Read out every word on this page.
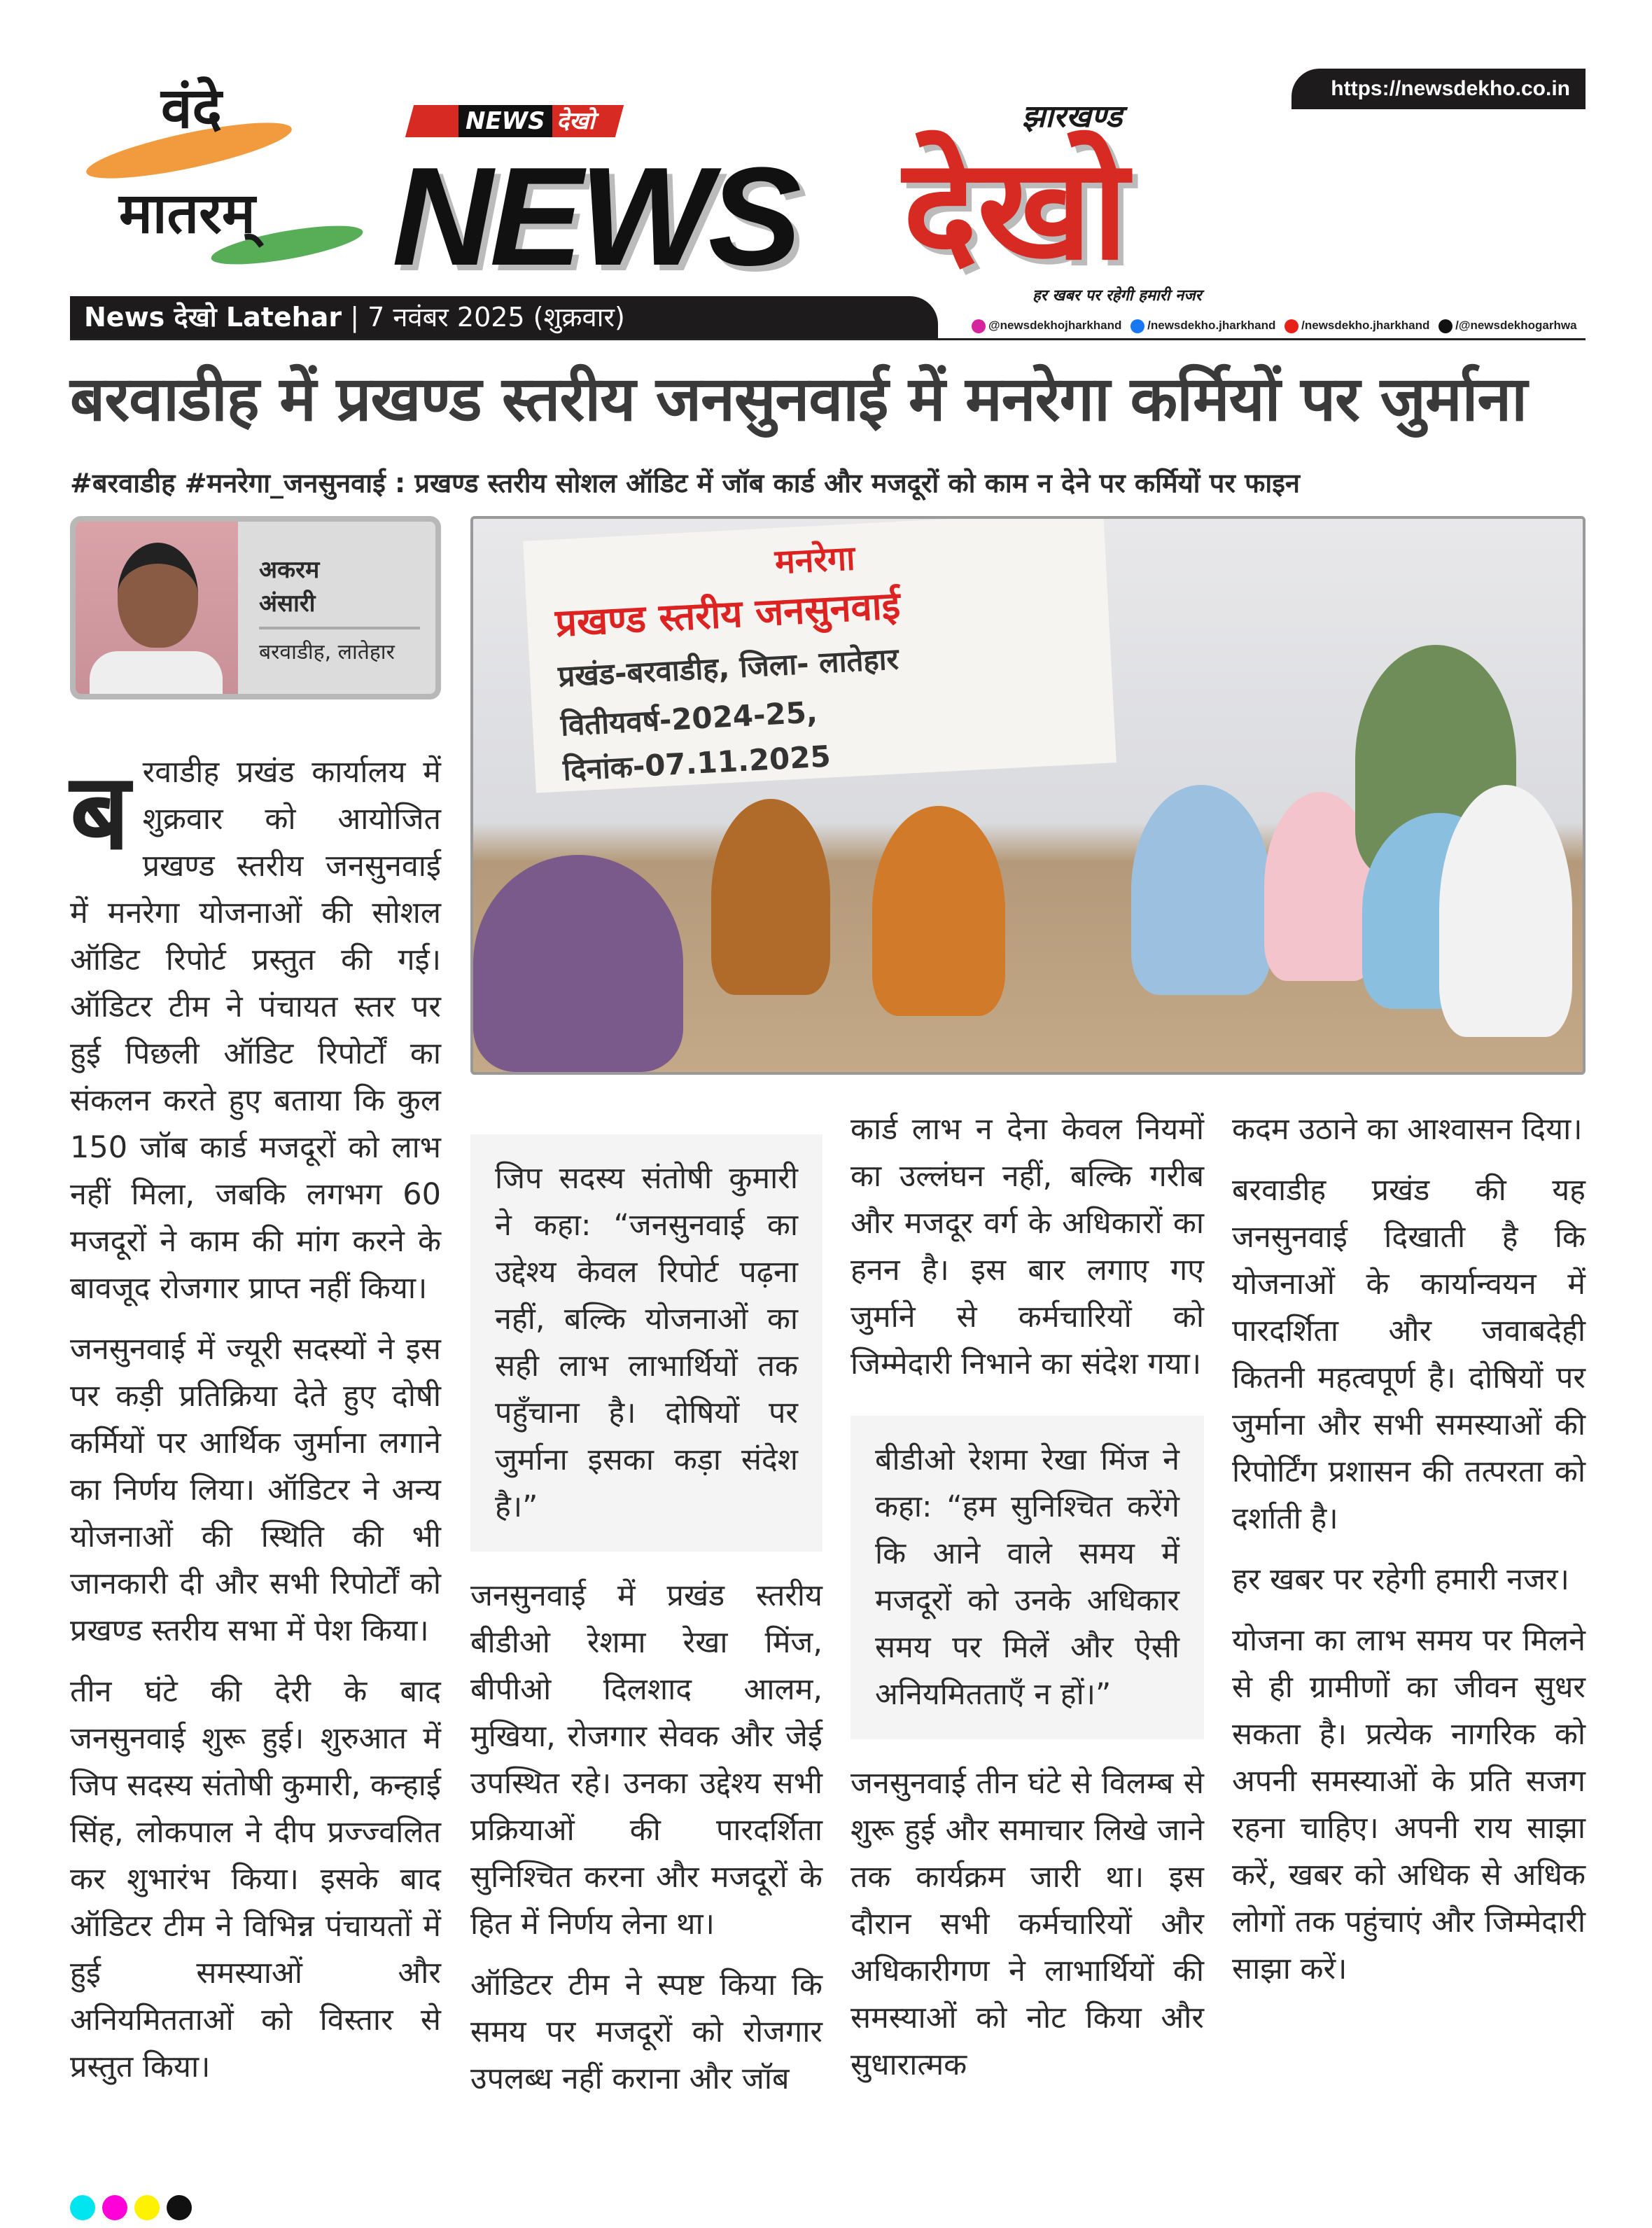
वंदे
मातरम्
NEWS देखो
NEWS देखो
झारखण्ड
हर खबर पर रहेगी हमारी नजर
https://newsdekho.co.in
News देखो Latehar | 7 नवंबर 2025 (शुक्रवार)	@newsdekhojharkhand /newsdekho.jharkhand /newsdekho.jharkhand /@newsdekhogarhwa
बरवाडीह में प्रखण्ड स्तरीय जनसुनवाई में मनरेगा कर्मियों पर जुर्माना
#बरवाडीह #मनरेगा_जनसुनवाई : प्रखण्ड स्तरीय सोशल ऑडिट में जॉब कार्ड और मजदूरों को काम न देने पर कर्मियों पर फाइन
अकरम
अंसारी
बरवाडीह, लातेहार
मनरेगा
प्रखण्ड स्तरीय जनसुनवाई
प्रखंड-बरवाडीह, जिला- लातेहार
वितीयवर्ष-2024-25, दिनांक-07.11.2025

बरवाडीह प्रखंड कार्यालय में शुक्रवार को आयोजित प्रखण्ड स्तरीय जनसुनवाई में मनरेगा योजनाओं की सोशल ऑडिट रिपोर्ट प्रस्तुत की गई। ऑडिटर टीम ने पंचायत स्तर पर हुई पिछली ऑडिट रिपोर्टों का संकलन करते हुए बताया कि कुल 150 जॉब कार्ड मजदूरों को लाभ नहीं मिला, जबकि लगभग 60 मजदूरों ने काम की मांग करने के बावजूद रोजगार प्राप्त नहीं किया।

जनसुनवाई में ज्यूरी सदस्यों ने इस पर कड़ी प्रतिक्रिया देते हुए दोषी कर्मियों पर आर्थिक जुर्माना लगाने का निर्णय लिया। ऑडिटर ने अन्य योजनाओं की स्थिति की भी जानकारी दी और सभी रिपोर्टों को प्रखण्ड स्तरीय सभा में पेश किया।

तीन घंटे की देरी के बाद जनसुनवाई शुरू हुई। शुरुआत में जिप सदस्य संतोषी कुमारी, कन्हाई सिंह, लोकपाल ने दीप प्रज्ज्वलित कर शुभारंभ किया। इसके बाद ऑडिटर टीम ने विभिन्न पंचायतों में हुई समस्याओं और अनियमितताओं को विस्तार से प्रस्तुत किया।

जिप सदस्य संतोषी कुमारी ने कहा: “जनसुनवाई का उद्देश्य केवल रिपोर्ट पढ़ना नहीं, बल्कि योजनाओं का सही लाभ लाभार्थियों तक पहुँचाना है। दोषियों पर जुर्माना इसका कड़ा संदेश है।”

जनसुनवाई में प्रखंड स्तरीय बीडीओ रेशमा रेखा मिंज, बीपीओ दिलशाद आलम, मुखिया, रोजगार सेवक और जेई उपस्थित रहे। उनका उद्देश्य सभी प्रक्रियाओं की पारदर्शिता सुनिश्चित करना और मजदूरों के हित में निर्णय लेना था।

ऑडिटर टीम ने स्पष्ट किया कि समय पर मजदूरों को रोजगार उपलब्ध नहीं कराना और जॉब

कार्ड लाभ न देना केवल नियमों का उल्लंघन नहीं, बल्कि गरीब और मजदूर वर्ग के अधिकारों का हनन है। इस बार लगाए गए जुर्माने से कर्मचारियों को जिम्मेदारी निभाने का संदेश गया।

बीडीओ रेशमा रेखा मिंज ने कहा: “हम सुनिश्चित करेंगे कि आने वाले समय में मजदूरों को उनके अधिकार समय पर मिलें और ऐसी अनियमितताएँ न हों।”

जनसुनवाई तीन घंटे से विलम्ब से शुरू हुई और समाचार लिखे जाने तक कार्यक्रम जारी था। इस दौरान सभी कर्मचारियों और अधिकारीगण ने लाभार्थियों की समस्याओं को नोट किया और सुधारात्मक

कदम उठाने का आश्वासन दिया।

बरवाडीह प्रखंड की यह जनसुनवाई दिखाती है कि योजनाओं के कार्यान्वयन में पारदर्शिता और जवाबदेही कितनी महत्वपूर्ण है। दोषियों पर जुर्माना और सभी समस्याओं की रिपोर्टिंग प्रशासन की तत्परता को दर्शाती है।

हर खबर पर रहेगी हमारी नजर।

योजना का लाभ समय पर मिलने से ही ग्रामीणों का जीवन सुधर सकता है। प्रत्येक नागरिक को अपनी समस्याओं के प्रति सजग रहना चाहिए। अपनी राय साझा करें, खबर को अधिक से अधिक लोगों तक पहुंचाएं और जिम्मेदारी साझा करें।
